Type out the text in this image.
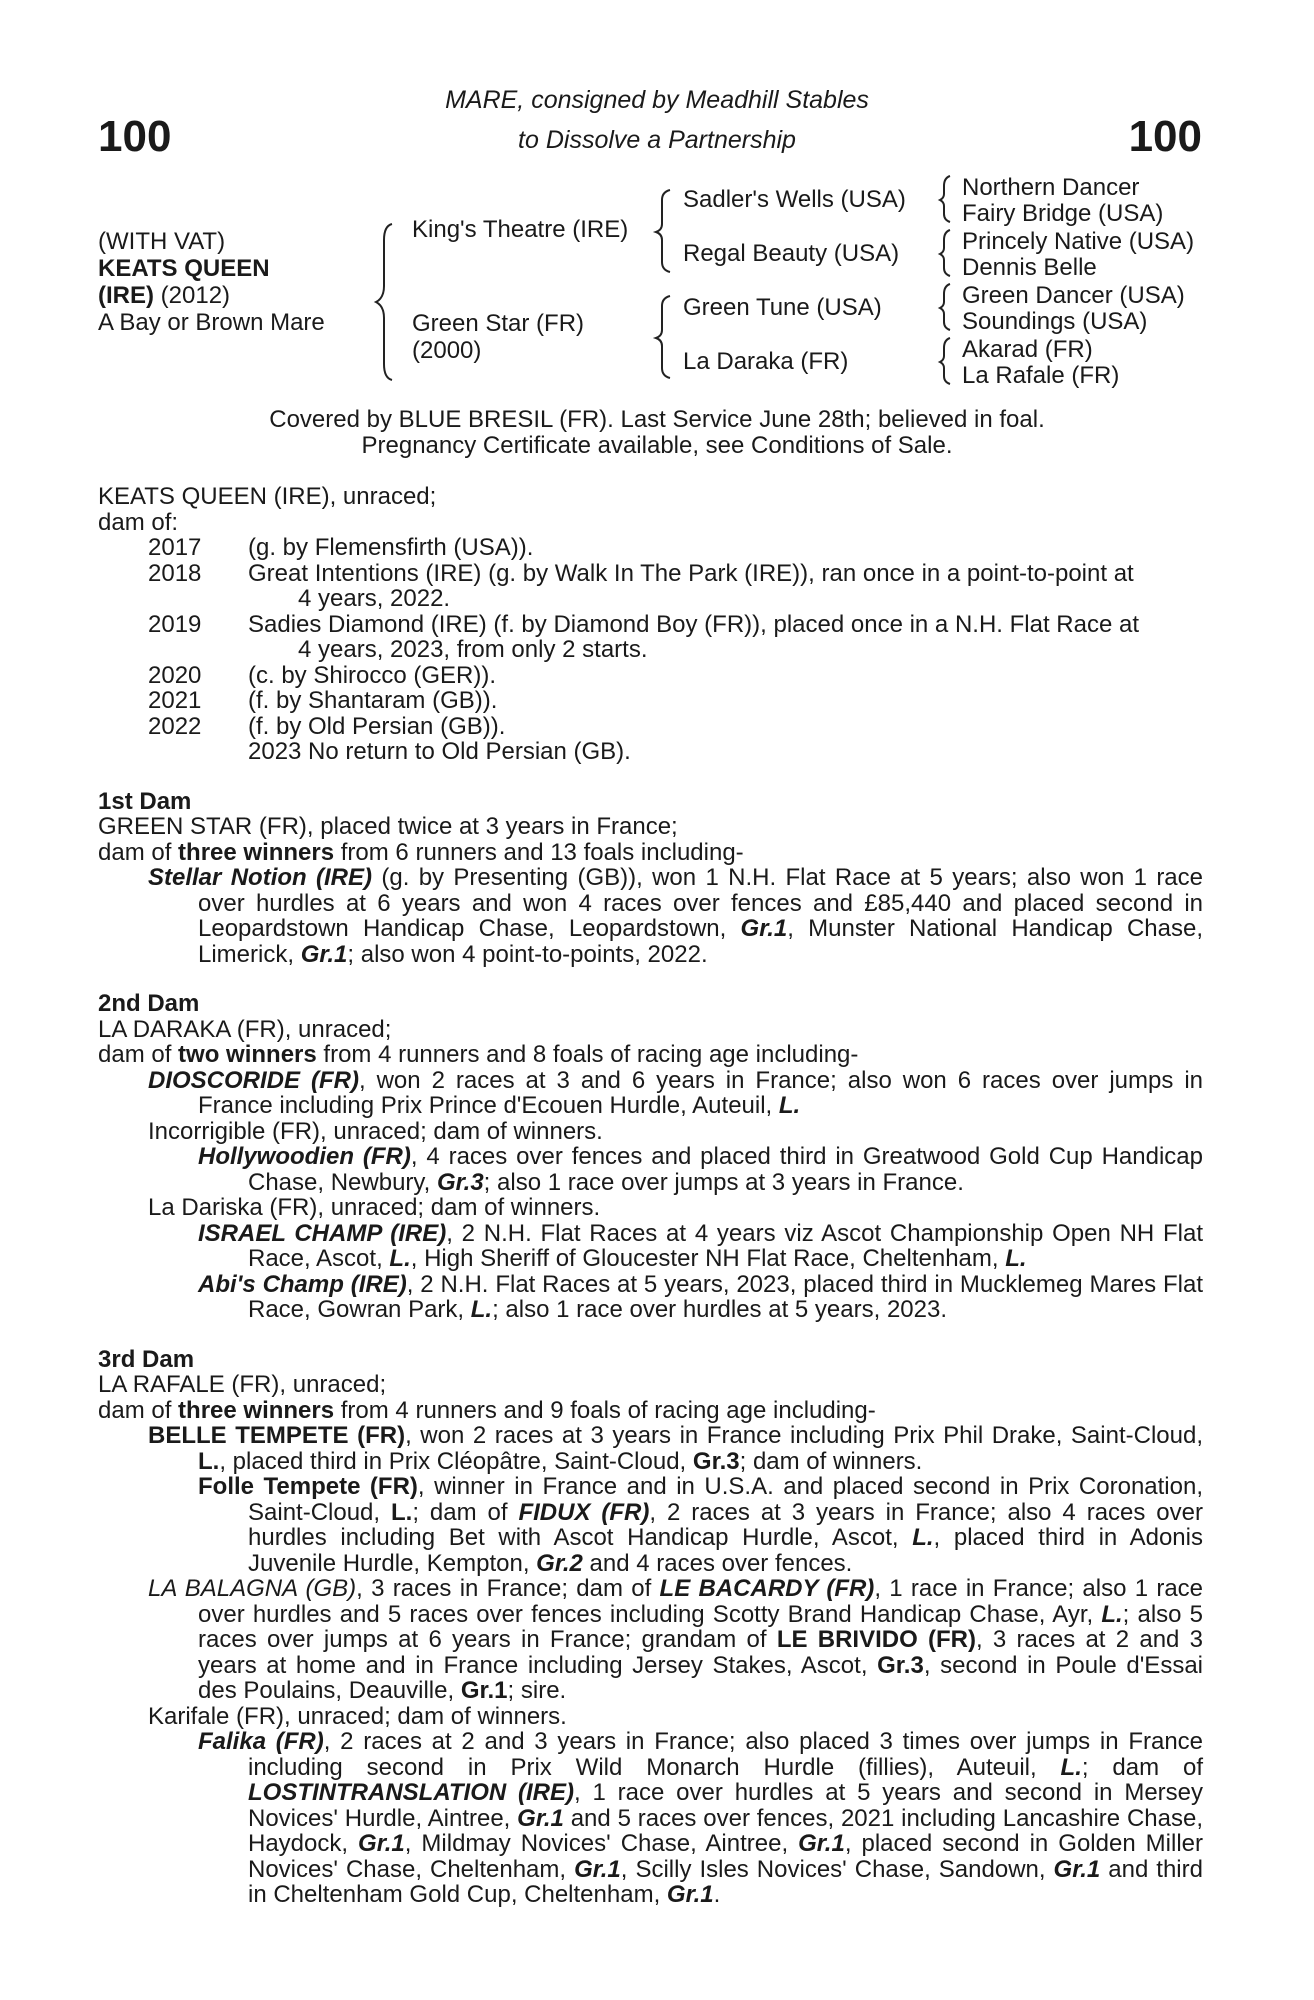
100	100
MARE, consigned by Meadhill Stables
to Dissolve a Partnership
(WITH VAT)
KEATS QUEEN
(IRE) (2012)
A Bay or Brown Mare
King's Theatre (IRE)
Green Star (FR)
(2000)
Sadler's Wells (USA)
Regal Beauty (USA)
Green Tune (USA)
La Daraka (FR)
Northern Dancer
Fairy Bridge (USA)
Princely Native (USA)
Dennis Belle
Green Dancer (USA)
Soundings (USA)
Akarad (FR)
La Rafale (FR)
Covered by BLUE BRESIL (FR). Last Service June 28th; believed in foal.
Pregnancy Certificate available, see Conditions of Sale.

KEATS QUEEN (IRE), unraced;

dam of:

2017 (g. by Flemensfirth (USA)).

2018 Great Intentions (IRE) (g. by Walk In The Park (IRE)), ran once in a point-to-point at

4 years, 2022.

2019 Sadies Diamond (IRE) (f. by Diamond Boy (FR)), placed once in a N.H. Flat Race at

4 years, 2023, from only 2 starts.

2020 (c. by Shirocco (GER)).

2021 (f. by Shantaram (GB)).

2022 (f. by Old Persian (GB)).

2023 No return to Old Persian (GB).

1st Dam

GREEN STAR (FR), placed twice at 3 years in France;

dam of three winners from 6 runners and 13 foals including-

Stellar Notion (IRE) (g. by Presenting (GB)), won 1 N.H. Flat Race at 5 years; also won 1 race over hurdles at 6 years and won 4 races over fences and £85,440 and placed second in Leopardstown Handicap Chase, Leopardstown, Gr.1, Munster National Handicap Chase, Limerick, Gr.1; also won 4 point-to-points, 2022.

2nd Dam

LA DARAKA (FR), unraced;

dam of two winners from 4 runners and 8 foals of racing age including-

DIOSCORIDE (FR), won 2 races at 3 and 6 years in France; also won 6 races over jumps in France including Prix Prince d'Ecouen Hurdle, Auteuil, L.

Incorrigible (FR), unraced; dam of winners.

Hollywoodien (FR), 4 races over fences and placed third in Greatwood Gold Cup Handicap Chase, Newbury, Gr.3; also 1 race over jumps at 3 years in France.

La Dariska (FR), unraced; dam of winners.

ISRAEL CHAMP (IRE), 2 N.H. Flat Races at 4 years viz Ascot Championship Open NH Flat Race, Ascot, L., High Sheriff of Gloucester NH Flat Race, Cheltenham, L.

Abi's Champ (IRE), 2 N.H. Flat Races at 5 years, 2023, placed third in Mucklemeg Mares Flat Race, Gowran Park, L.; also 1 race over hurdles at 5 years, 2023.

3rd Dam

LA RAFALE (FR), unraced;

dam of three winners from 4 runners and 9 foals of racing age including-

BELLE TEMPETE (FR), won 2 races at 3 years in France including Prix Phil Drake, Saint-Cloud, L., placed third in Prix Cléopâtre, Saint-Cloud, Gr.3; dam of winners.

Folle Tempete (FR), winner in France and in U.S.A. and placed second in Prix Coronation, Saint-Cloud, L.; dam of FIDUX (FR), 2 races at 3 years in France; also 4 races over hurdles including Bet with Ascot Handicap Hurdle, Ascot, L., placed third in Adonis Juvenile Hurdle, Kempton, Gr.2 and 4 races over fences.

LA BALAGNA (GB), 3 races in France; dam of LE BACARDY (FR), 1 race in France; also 1 race over hurdles and 5 races over fences including Scotty Brand Handicap Chase, Ayr, L.; also 5 races over jumps at 6 years in France; grandam of LE BRIVIDO (FR), 3 races at 2 and 3 years at home and in France including Jersey Stakes, Ascot, Gr.3, second in Poule d'Essai des Poulains, Deauville, Gr.1; sire.

Karifale (FR), unraced; dam of winners.

Falika (FR), 2 races at 2 and 3 years in France; also placed 3 times over jumps in France including second in Prix Wild Monarch Hurdle (fillies), Auteuil, L.; dam of LOSTINTRANSLATION (IRE), 1 race over hurdles at 5 years and second in Mersey Novices' Hurdle, Aintree, Gr.1 and 5 races over fences, 2021 including Lancashire Chase, Haydock, Gr.1, Mildmay Novices' Chase, Aintree, Gr.1, placed second in Golden Miller Novices' Chase, Cheltenham, Gr.1, Scilly Isles Novices' Chase, Sandown, Gr.1 and third in Cheltenham Gold Cup, Cheltenham, Gr.1.
